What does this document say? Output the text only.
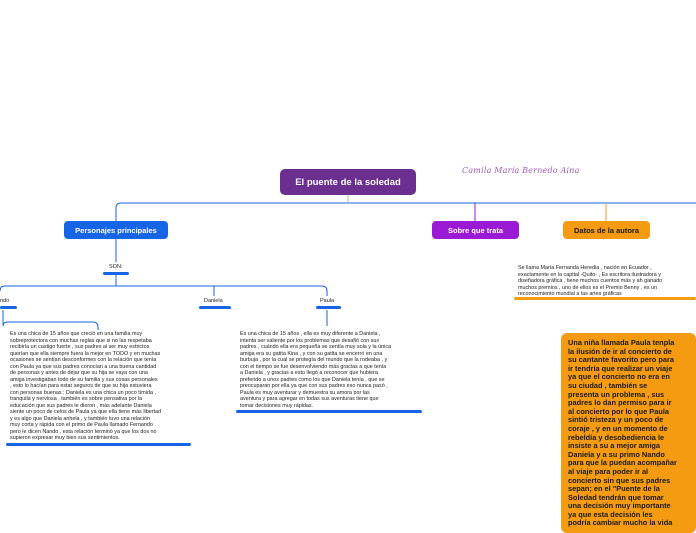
El puente de la soledad
Camila María Bernedo Aina
Personajes principales	Sobre que trata	Datos de la autora
SON:
ndo	Daniela	Paula
Es una chica de 15 años que creció en una familia muy
sobreprotectora con muchas reglas que si no las respetaba
recibiría un castigo fuerte , sus padres al ser muy estrictos
querían que ella siempre fuera la mejor en TODO y en muchas
ocasiones se sentían desconformes con la relación que tenía
con Paula ya que sus padres conocían a una buena cantidad
de personas y antes de dejar que su hija se vaya con una
amiga investigaban todo de su familia y sus cosas personales
, esto lo hacían para estar seguros de que su hija estuviera
con personas buenas ; Daniela es una chica un poco tímida ,
tranquila y nerviosa , también es sobre pensativa por la
educación que sus padres le dieron , más adelante Daniela
siente un poco de celos de Paula ya que ella tiene más libertad
y es algo que Daniela anhela , y también tuvo una relación
muy corta y rápida con el primo de Paula llamado Fernando
pero le dicen Nando , esta relación terminó ya que los dos no
supieron expresar muy bien sus sentimientos.
Es una chica de 15 años , ella es muy diferente a Daniela ,
intenta ser valiente por los problemas que desafió con sus
padres , cuándo ella era pequeña se sentía muy sola y la única
amiga era su gatita Kina , y con su gatita se encerró en una
burbuja , por la cual se protegía del mundo que la rodeaba , y
con el tiempo se fue desenvolviendo más gracias a que tenía
a Daniela , y gracias a esto llegó a reconocer que hubiera
preferido a unos padres como los que Daniela tenía , que se
preocuparan por ella ya que con sus padres eso nunca pasó ,
Paula es muy aventurar y demuestra su amora por las
aventura y para agregar en todas sus aventuras tiene que
tomar decisiones muy rápidas.
Se llama María Fernanda Heredia , nación en Ecuador ,
exactamente en la capital -Quito- , Es escritora ilustradora y
diseñadora gráfica , tiene muchos cuentos más y ah ganado
muchos premios , uno de ellos es el Premio Benny , es un
reconocimiento mundial a las artes gráficas
Una niña llamada Paula tenpla
la ilusión de ir al concierto de
su cantante favorito pero para
ir tendría que realizar un viaje
ya que el concierto no era en
su ciudad , también se
presenta un problema , sus
padres lo dan permiso para ir
al concierto por lo que Paula
sintió tristeza y un poco de
coraje , y en un momento de
rebeldía y desobediencia le
insiste a su a mejor amiga
Daniela y a su primo Nando
para que la puedan acompañar
al viaje para poder ir al
concierto sin que sus padres
sepan; en el "Puente de la
Soledad tendrán que tomar
una decisión muy importante
ya que esta decisión les
podría cambiar mucho la vida
